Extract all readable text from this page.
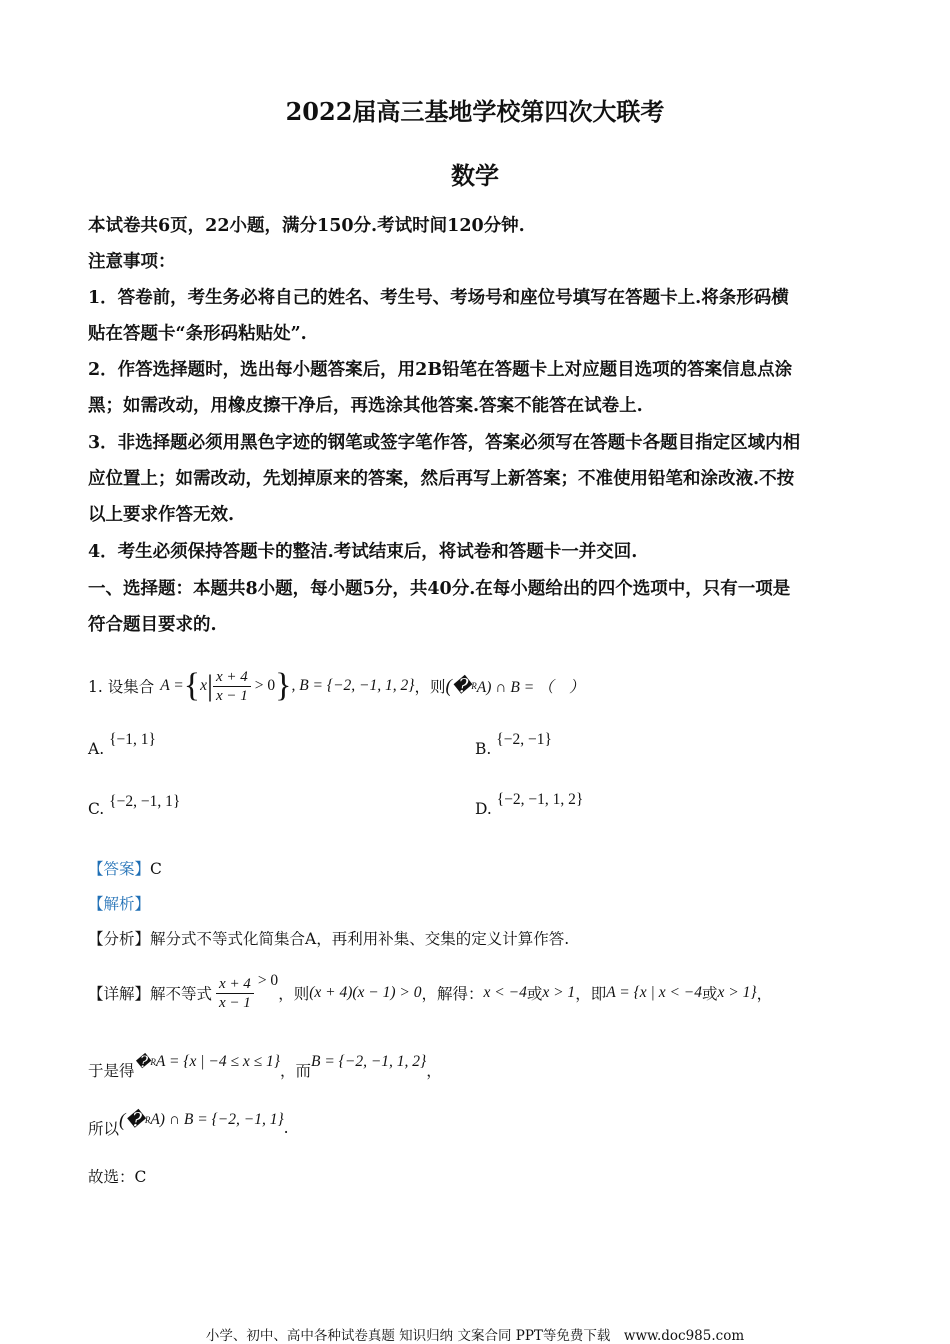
2022届高三基地学校第四次大联考
数学
本试卷共6页，22小题，满分150分.考试时间120分钟.
注意事项：
1．答卷前，考生务必将自己的姓名、考生号、考场号和座位号填写在答题卡上.将条形码横
贴在答题卡“条形码粘贴处”.
2．作答选择题时，选出每小题答案后，用2B铅笔在答题卡上对应题目选项的答案信息点涂
黑；如需改动，用橡皮擦干净后，再选涂其他答案.答案不能答在试卷上.
3．非选择题必须用黑色字迹的钢笔或签字笔作答，答案必须写在答题卡各题目指定区域内相
应位置上；如需改动，先划掉原来的答案，然后再写上新答案；不准使用铅笔和涂改液.不按
以上要求作答无效.
4．考生必须保持答题卡的整洁.考试结束后，将试卷和答题卡一并交回.
一、选择题：本题共8小题，每小题5分，共40分.在每小题给出的四个选项中，只有一项是
符合题目要求的.
1. 设集合 A = { x | $\frac{x + 4}{x - 1} > 0$ } , B = {−2, −1, 1, 2} ，则 (� R A) ∩ B = （　）
A. {−1, 1}
B. {−2, −1}
C. {−2, −1, 1}	D. {−2, −1, 1, 2}
【答案】C
【解析】
【分析】解分式不等式化简集合A，再利用补集、交集的定义计算作答.
【详解】 解不等式 $\frac{x + 4}{x - 1} > 0$
，则 (x + 4)(x − 1) > 0 ，解得： x < −4 或 x > 1 ，即 A = {x | x < −4 或 x > 1} ，
于是得 � R A = {x | −4 ≤ x ≤ 1}
，而
B = {−2, −1, 1, 2}
，
所以 (� R A) ∩ B = {−2, −1, 1} .
故选：C
小学、初中、高中各种试卷真题 知识归纳 文案合同 PPT等免费下载　www.doc985.com
